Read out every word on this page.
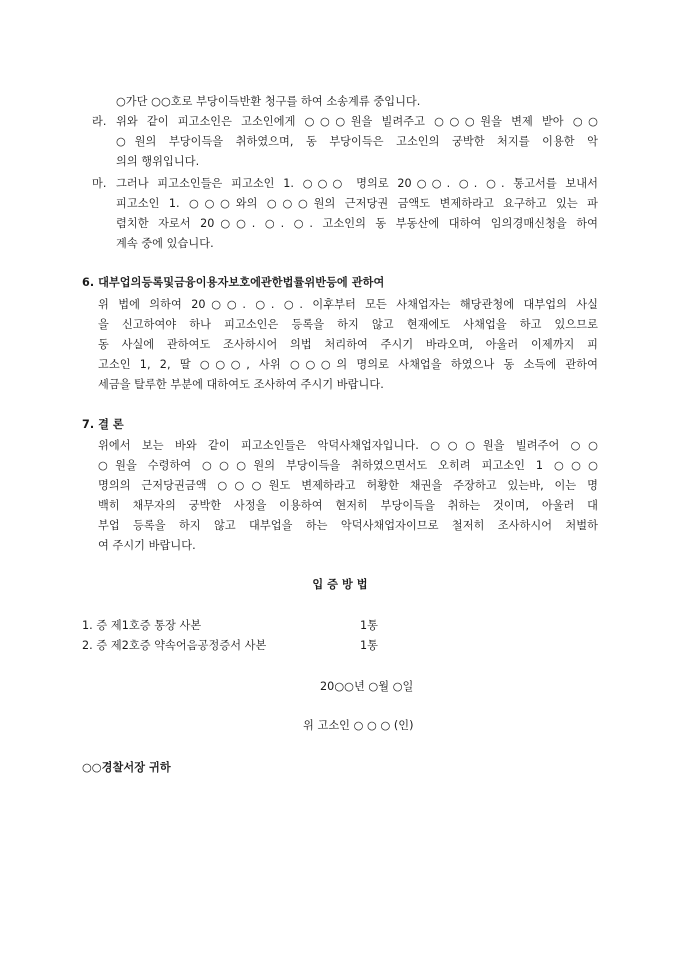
○가단 ○○호로 부당이득반환 청구를 하여 소송계류 중입니다.
라. 위와 같이 피고소인은 고소인에게 ○○○원을 빌려주고 ○○○원을 변제 받아 ○○
○원의 부당이득을 취하였으며, 동 부당이득은 고소인의 궁박한 처지를 이용한 악
의의 행위입니다.
마. 그러나 피고소인들은 피고소인 1. ○○○ 명의로 20○○. ○. ○. 통고서를 보내서
피고소인 1. ○○○와의 ○○○원의 근저당권 금액도 변제하라고 요구하고 있는 파
렴치한 자로서 20○○. ○. ○. 고소인의 동 부동산에 대하여 임의경매신청을 하여
계속 중에 있습니다.
6. 대부업의등록및금융이용자보호에관한법률위반등에 관하여
위 법에 의하여 20○○. ○. ○. 이후부터 모든 사채업자는 해당관청에 대부업의 사실
을 신고하여야 하나 피고소인은 등록을 하지 않고 현재에도 사채업을 하고 있으므로
동 사실에 관하여도 조사하시어 의법 처리하여 주시기 바라오며, 아울러 이제까지 피
고소인 1, 2, 딸 ○○○, 사위 ○○○의 명의로 사채업을 하였으나 동 소득에 관하여
세금을 탈루한 부분에 대하여도 조사하여 주시기 바랍니다.
7. 결 론
위에서 보는 바와 같이 피고소인들은 악덕사채업자입니다. ○○○원을 빌려주어 ○○
○원을 수령하여 ○○○원의 부당이득을 취하였으면서도 오히려 피고소인 1 ○○○
명의의 근저당권금액 ○○○원도 변제하라고 허황한 채권을 주장하고 있는바, 이는 명
백히 채무자의 궁박한 사정을 이용하여 현저히 부당이득을 취하는 것이며, 아울러 대
부업 등록을 하지 않고 대부업을 하는 악덕사채업자이므로 철저히 조사하시어 처벌하
여 주시기 바랍니다.
입 증 방 법
1. 증 제1호증 통장 사본	1통
2. 증 제2호증 약속어음공정증서 사본	1통
20○○년 ○월 ○일
위 고소인 ○ ○ ○ (인)
○○경찰서장 귀하
